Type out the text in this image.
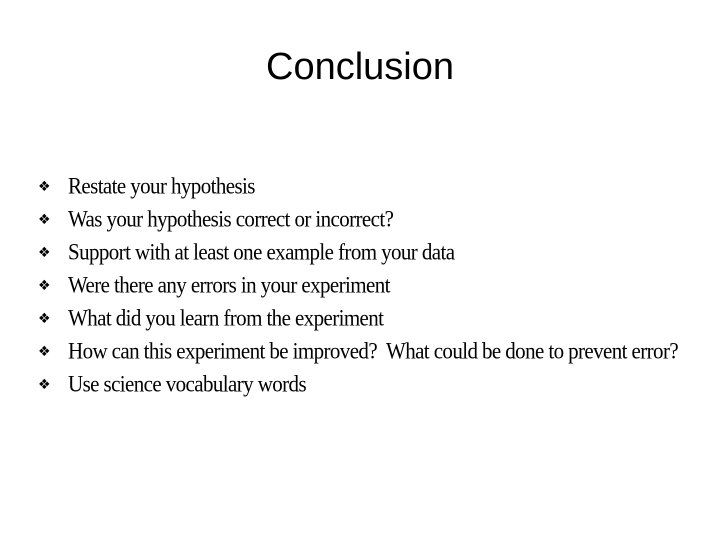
Conclusion
❖ Restate your hypothesis
❖ Was your hypothesis correct or incorrect?
❖ Support with at least one example from your data
❖ Were there any errors in your experiment
❖ What did you learn from the experiment
❖ How can this experiment be improved?  What could be done to prevent error?
❖ Use science vocabulary words
